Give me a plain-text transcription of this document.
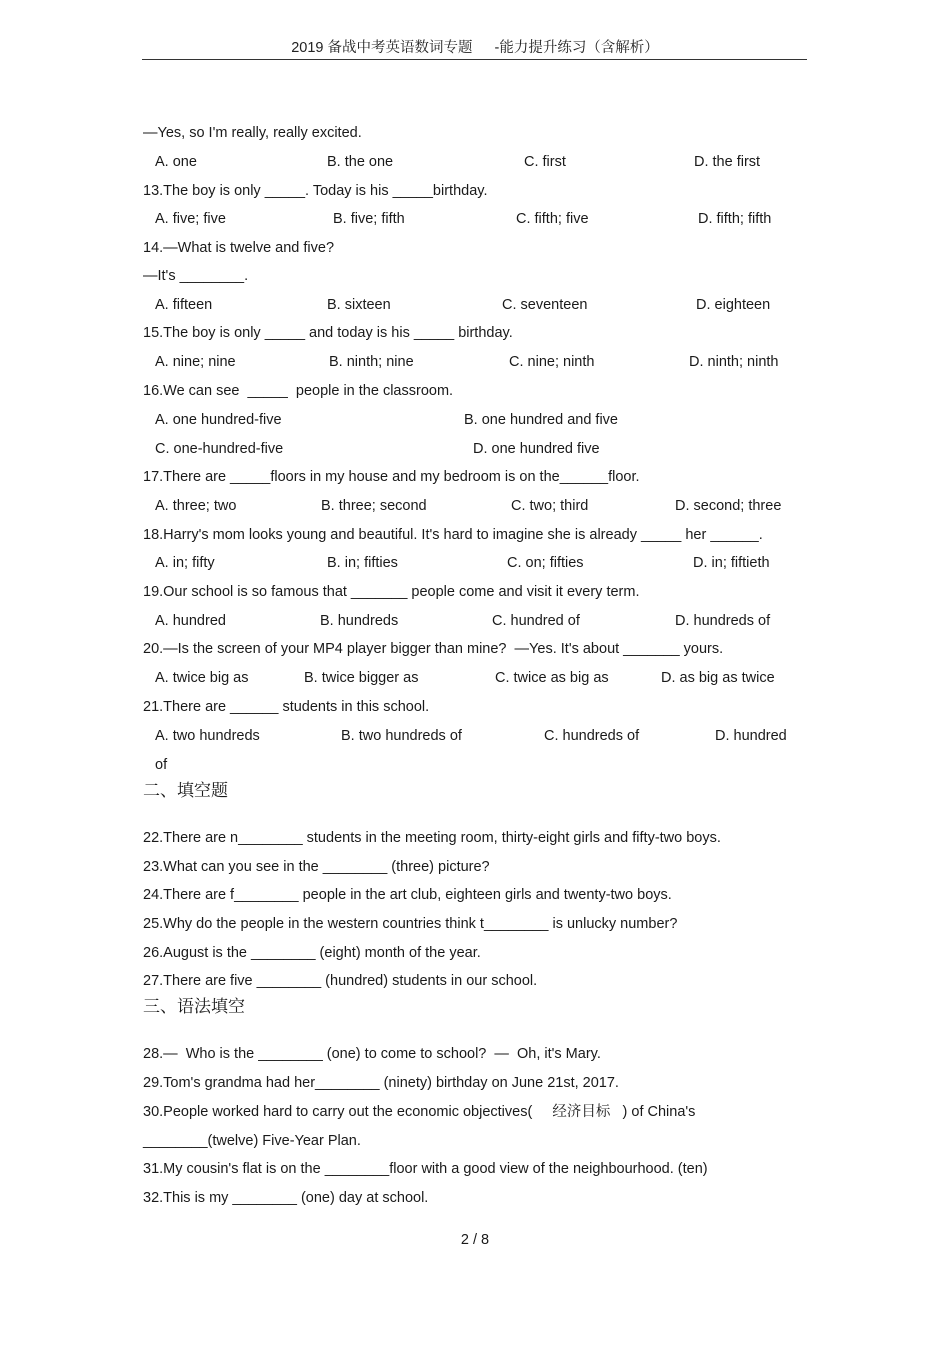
2019 备战中考英语数词专题 -能力提升练习（含解析）
—Yes, so I'm really, really excited.
A. one	B. the one	C. first	D. the first
13.The boy is only _____. Today is his _____birthday.
A. five; five	B. five; fifth	C. fifth; five	D. fifth; fifth
14.—What is twelve and five?
—It's ________.
A. fifteen	B. sixteen	C. seventeen	D. eighteen
15.The boy is only _____ and today is his _____ birthday.
A. nine; nine	B. ninth; nine	C. nine; ninth	D. ninth; ninth
16.We can see  _____  people in the classroom.
A. one hundred-five	B. one hundred and five
C. one-hundred-five	D. one hundred five
17.There are _____floors in my house and my bedroom is on the______floor.
A. three; two	B. three; second	C. two; third	D. second; three
18.Harry's mom looks young and beautiful. It's hard to imagine she is already _____ her ______.
A. in; fifty	B. in; fifties	C. on; fifties	D. in; fiftieth
19.Our school is so famous that _______ people come and visit it every term.
A. hundred	B. hundreds	C. hundred of	D. hundreds of
20.—Is the screen of your MP4 player bigger than mine?  —Yes. It's about _______ yours.
A. twice big as	B. twice bigger as	C. twice as big as	D. as big as twice
21.There are ______ students in this school.
A. two hundreds	B. two hundreds of	C. hundreds of	D. hundred
of
二、填空题
22.There are n________ students in the meeting room, thirty-eight girls and fifty-two boys.
23.What can you see in the ________ (three) picture?
24.There are f________ people in the art club, eighteen girls and twenty-two boys.
25.Why do the people in the western countries think t________ is unlucky number?
26.August is the ________ (eight) month of the year.
27.There are five ________ (hundred) students in our school.
三、语法填空
28.—  Who is the ________ (one) to come to school?  —  Oh, it's Mary.
29.Tom's grandma had her________ (ninety) birthday on June 21st, 2017.
30.People worked hard to carry out the economic objectives(     经济目标   ) of China's
________(twelve) Five-Year Plan.
31.My cousin's flat is on the ________floor with a good view of the neighbourhood. (ten)
32.This is my ________ (one) day at school.
2 / 8
